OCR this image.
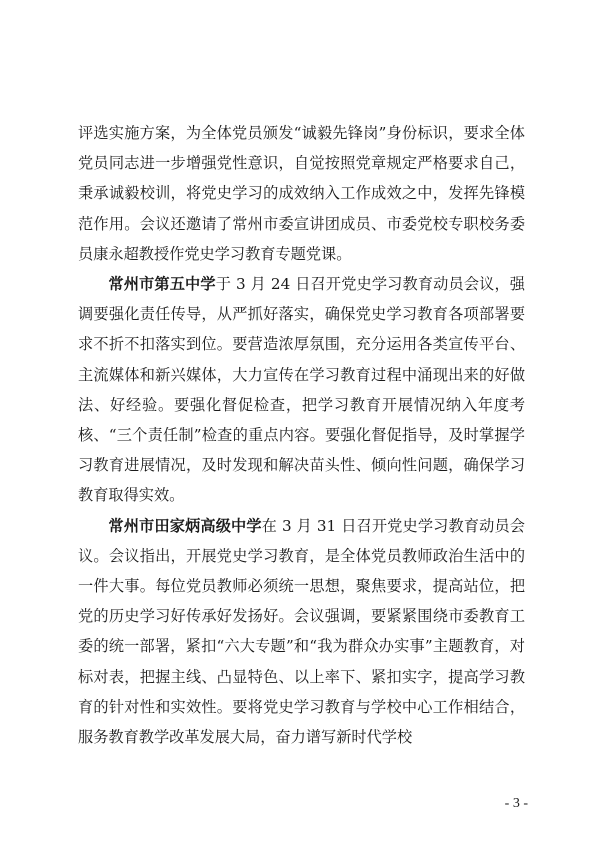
评选实施方案，为全体党员颁发“诚毅先锋岗”身份标识，要求全体党员同志进一步增强党性意识，自觉按照党章规定严格要求自己，秉承诚毅校训，将党史学习的成效纳入工作成效之中，发挥先锋模范作用。会议还邀请了常州市委宣讲团成员、市委党校专职校务委员康永超教授作党史学习教育专题党课。

常州市第五中学于 3 月 24 日召开党史学习教育动员会议，强调要强化责任传导，从严抓好落实，确保党史学习教育各项部署要求不折不扣落实到位。要营造浓厚氛围，充分运用各类宣传平台、主流媒体和新兴媒体，大力宣传在学习教育过程中涌现出来的好做法、好经验。要强化督促检查，把学习教育开展情况纳入年度考核、“三个责任制”检查的重点内容。要强化督促指导，及时掌握学习教育进展情况，及时发现和解决苗头性、倾向性问题，确保学习教育取得实效。

常州市田家炳高级中学在 3 月 31 日召开党史学习教育动员会议。会议指出，开展党史学习教育，是全体党员教师政治生活中的一件大事。每位党员教师必须统一思想，聚焦要求，提高站位，把党的历史学习好传承好发扬好。会议强调，要紧紧围绕市委教育工委的统一部署，紧扣“六大专题”和“我为群众办实事”主题教育，对标对表，把握主线、凸显特色、以上率下、紧扣实字，提高学习教育的针对性和实效性。要将党史学习教育与学校中心工作相结合，服务教育教学改革发展大局，奋力谱写新时代学校

- 3 -
